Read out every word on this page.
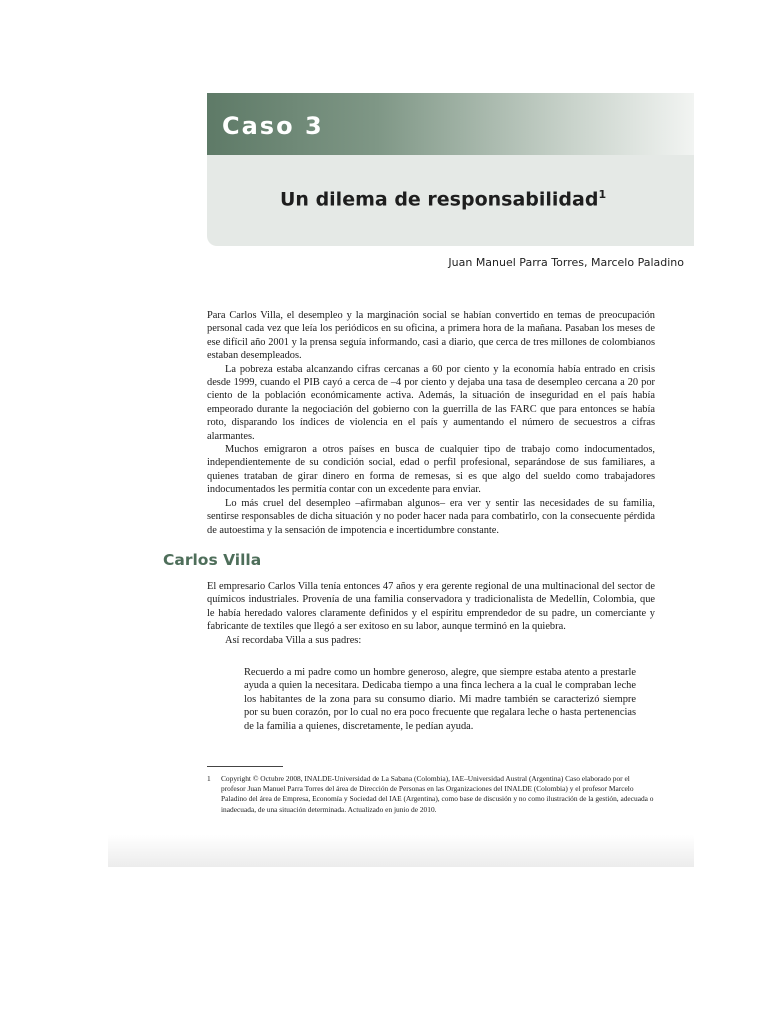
Caso 3
Un dilema de responsabilidad$^1$
Juan Manuel Parra Torres, Marcelo Paladino

Para Carlos Villa, el desempleo y la marginación social se habían convertido en temas de preocupación personal cada vez que leía los periódicos en su oficina, a primera hora de la mañana. Pasaban los meses de ese difícil año 2001 y la prensa seguía informando, casi a diario, que cerca de tres millones de colombianos estaban desempleados.

La pobreza estaba alcanzando cifras cercanas a 60 por ciento y la economía había entrado en crisis desde 1999, cuando el PIB cayó a cerca de –4 por ciento y dejaba una tasa de desempleo cercana a 20 por ciento de la población económicamente activa. Además, la situación de inseguridad en el país había empeorado durante la negociación del gobierno con la guerrilla de las FARC que para entonces se había roto, disparando los índices de violencia en el país y aumentando el número de secuestros a cifras alarmantes.

Muchos emigraron a otros países en busca de cualquier tipo de trabajo como indocumentados, independientemente de su condición social, edad o perfil profesional, separándose de sus familiares, a quienes trataban de girar dinero en forma de remesas, si es que algo del sueldo como trabajadores indocumentados les permitía contar con un excedente para enviar.

Lo más cruel del desempleo –afirmaban algunos– era ver y sentir las necesidades de su familia, sentirse responsables de dicha situación y no poder hacer nada para combatirlo, con la consecuente pérdida de autoestima y la sensación de impotencia e incertidumbre constante.

Carlos Villa

El empresario Carlos Villa tenía entonces 47 años y era gerente regional de una multinacional del sector de químicos industriales. Provenía de una familia conservadora y tradicionalista de Medellín, Colombia, que le había heredado valores claramente definidos y el espíritu emprendedor de su padre, un comerciante y fabricante de textiles que llegó a ser exitoso en su labor, aunque terminó en la quiebra.

Así recordaba Villa a sus padres:

Recuerdo a mi padre como un hombre generoso, alegre, que siempre estaba atento a prestarle ayuda a quien la necesitara. Dedicaba tiempo a una finca lechera a la cual le compraban leche los habitantes de la zona para su consumo diario. Mi madre también se caracterizó siempre por su buen corazón, por lo cual no era poco frecuente que regalara leche o hasta pertenencias de la familia a quienes, discretamente, le pedían ayuda.
1 Copyright © Octubre 2008, INALDE-Universidad de La Sabana (Colombia), IAE–Universidad Austral (Argentina) Caso elaborado por el profesor Juan Manuel Parra Torres del área de Dirección de Personas en las Organizaciones del INALDE (Colombia) y el profesor Marcelo Paladino del área de Empresa, Economía y Sociedad del IAE (Argentina), como base de discusión y no como ilustración de la gestión, adecuada o inadecuada, de una situación determinada. Actualizado en junio de 2010.
